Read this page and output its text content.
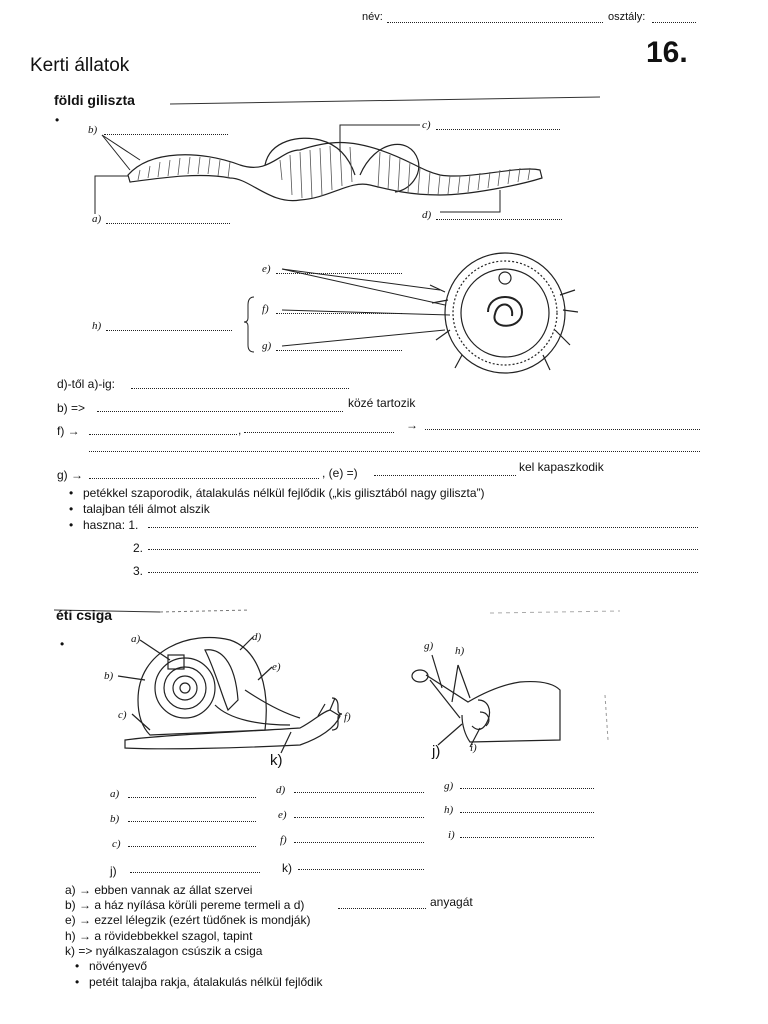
név:	osztály:
16.
Kerti állatok
földi giliszta
•
b)	c)
a)	d)
e)
f)
g)
h)
d)-től a)-ig:
b) =>	közé tartozik
f) →	,	→
g) →	, (e) =)	kel kapaszkodik
• petékkel szaporodik, átalakulás nélkül fejlődik („kis gilisztából nagy giliszta”)
• talajban téli álmot alszik
• haszna: 1.
2.
3.
éti csiga
•	a)
b)
c)
d)
e)
f)
k)
g) h)
i)
j)
a)
b)
c)
d)
e)
f)
g)
h)
i)
j)	k)
a) → ebben vannak az állat szervei
b) → a ház nyílása körüli pereme termeli a d)	anyagát
e) → ezzel lélegzik (ezért tüdőnek is mondják)
h) → a rövidebbekkel szagol, tapint
k) => nyálkaszalagon csúszik a csiga
• növényevő
• petéit talajba rakja, átalakulás nélkül fejlődik
